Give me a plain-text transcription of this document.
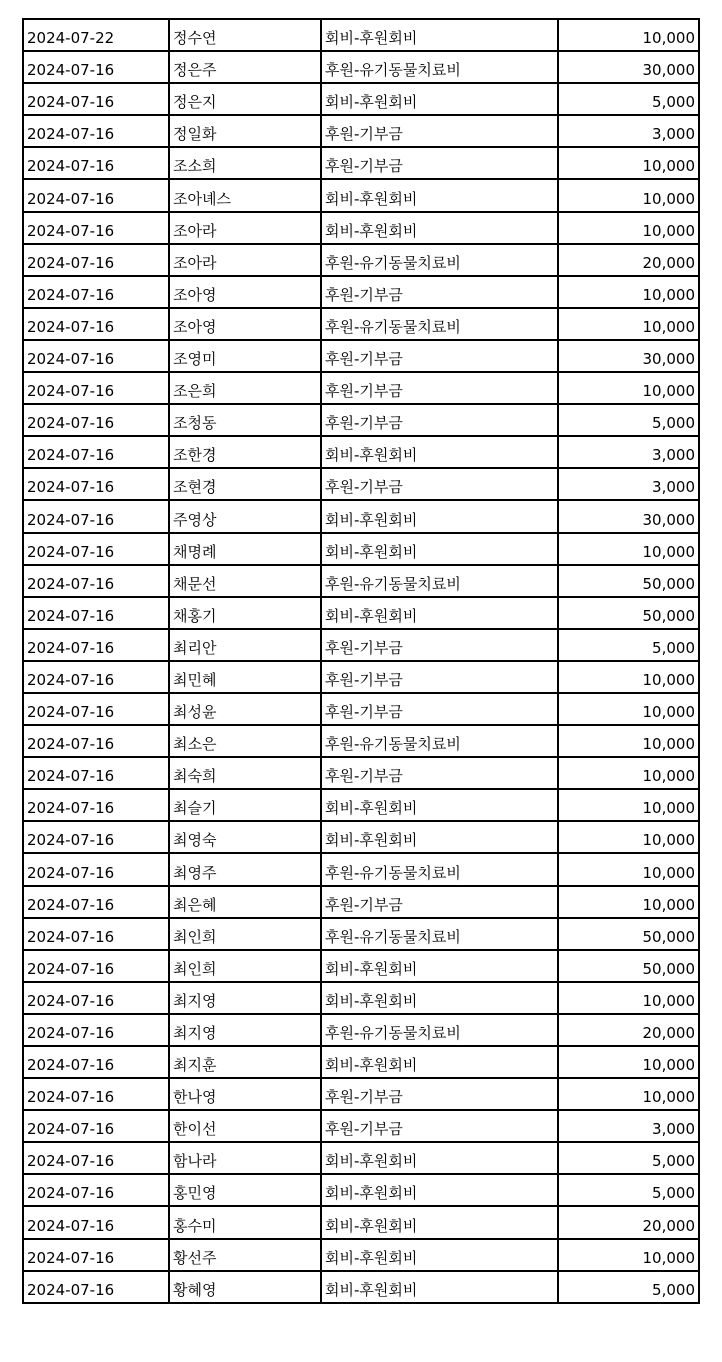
2024-07-22	정수연	회비-후원회비	10,000
2024-07-16	정은주	후원-유기동물치료비	30,000
2024-07-16	정은지	회비-후원회비	5,000
2024-07-16	정일화	후원-기부금	3,000
2024-07-16	조소희	후원-기부금	10,000
2024-07-16	조아녜스	회비-후원회비	10,000
2024-07-16	조아라	회비-후원회비	10,000
2024-07-16	조아라	후원-유기동물치료비	20,000
2024-07-16	조아영	후원-기부금	10,000
2024-07-16	조아영	후원-유기동물치료비	10,000
2024-07-16	조영미	후원-기부금	30,000
2024-07-16	조은희	후원-기부금	10,000
2024-07-16	조청동	후원-기부금	5,000
2024-07-16	조한경	회비-후원회비	3,000
2024-07-16	조현경	후원-기부금	3,000
2024-07-16	주영상	회비-후원회비	30,000
2024-07-16	채명례	회비-후원회비	10,000
2024-07-16	채문선	후원-유기동물치료비	50,000
2024-07-16	채홍기	회비-후원회비	50,000
2024-07-16	최리안	후원-기부금	5,000
2024-07-16	최민혜	후원-기부금	10,000
2024-07-16	최성윤	후원-기부금	10,000
2024-07-16	최소은	후원-유기동물치료비	10,000
2024-07-16	최숙희	후원-기부금	10,000
2024-07-16	최슬기	회비-후원회비	10,000
2024-07-16	최영숙	회비-후원회비	10,000
2024-07-16	최영주	후원-유기동물치료비	10,000
2024-07-16	최은혜	후원-기부금	10,000
2024-07-16	최인희	후원-유기동물치료비	50,000
2024-07-16	최인희	회비-후원회비	50,000
2024-07-16	최지영	회비-후원회비	10,000
2024-07-16	최지영	후원-유기동물치료비	20,000
2024-07-16	최지훈	회비-후원회비	10,000
2024-07-16	한나영	후원-기부금	10,000
2024-07-16	한이선	후원-기부금	3,000
2024-07-16	함나라	회비-후원회비	5,000
2024-07-16	홍민영	회비-후원회비	5,000
2024-07-16	홍수미	회비-후원회비	20,000
2024-07-16	황선주	회비-후원회비	10,000
2024-07-16	황혜영	회비-후원회비	5,000
